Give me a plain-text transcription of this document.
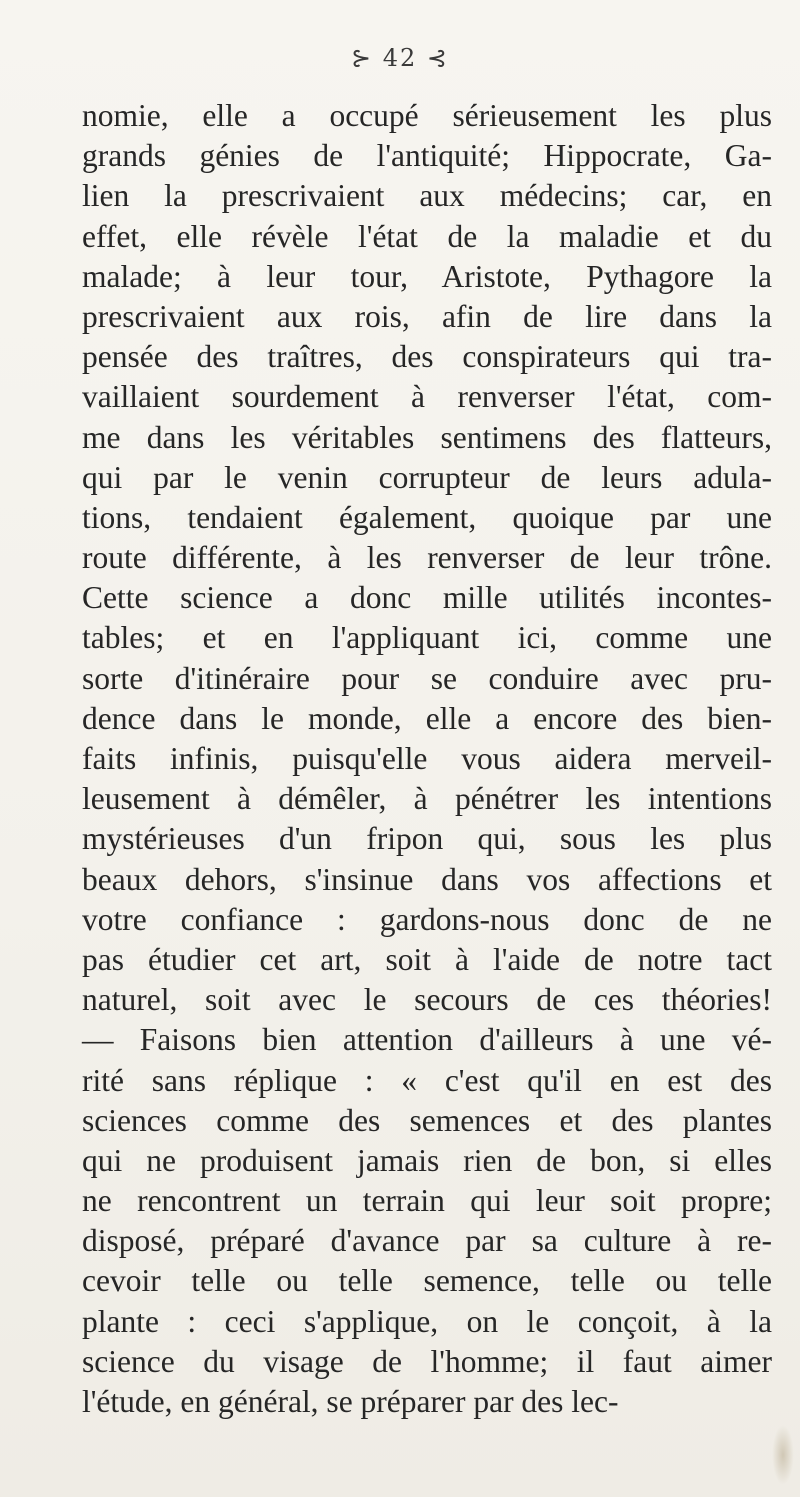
⊱ 42 ⊰
nomie, elle a occupé sérieusement les plus
grands génies de l'antiquité; Hippocrate, Ga-
lien la prescrivaient aux médecins; car, en
effet, elle révèle l'état de la maladie et du
malade; à leur tour, Aristote, Pythagore la
prescrivaient aux rois, afin de lire dans la
pensée des traîtres, des conspirateurs qui tra-
vaillaient sourdement à renverser l'état, com-
me dans les véritables sentimens des flatteurs,
qui par le venin corrupteur de leurs adula-
tions, tendaient également, quoique par une
route différente, à les renverser de leur trône.
Cette science a donc mille utilités incontes-
tables; et en l'appliquant ici, comme une
sorte d'itinéraire pour se conduire avec pru-
dence dans le monde, elle a encore des bien-
faits infinis, puisqu'elle vous aidera merveil-
leusement à démêler, à pénétrer les intentions
mystérieuses d'un fripon qui, sous les plus
beaux dehors, s'insinue dans vos affections et
votre confiance : gardons-nous donc de ne
pas étudier cet art, soit à l'aide de notre tact
naturel, soit avec le secours de ces théories!
— Faisons bien attention d'ailleurs à une vé-
rité sans réplique : « c'est qu'il en est des
sciences comme des semences et des plantes
qui ne produisent jamais rien de bon, si elles
ne rencontrent un terrain qui leur soit propre;
disposé, préparé d'avance par sa culture à re-
cevoir telle ou telle semence, telle ou telle
plante : ceci s'applique, on le conçoit, à la
science du visage de l'homme; il faut aimer
l'étude, en général, se préparer par des lec-
